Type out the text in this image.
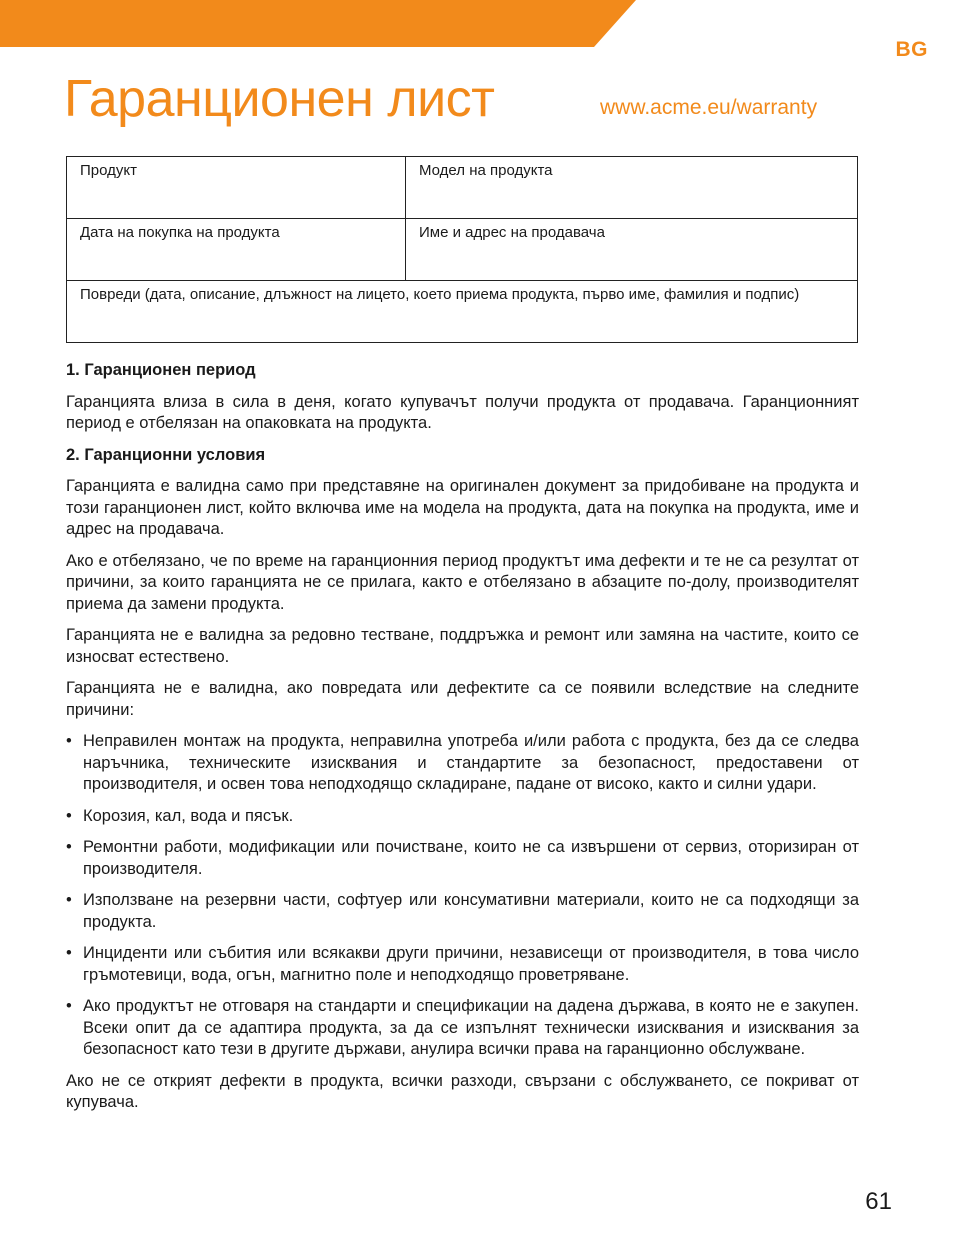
BG
Гаранционен лист	www.acme.eu/warranty
Продукт	Модел на продукта
Дата на покупка на продукта	Име и адрес на продавача
Повреди (дата, описание, длъжност на лицето, което приема продукта, първо име, фамилия и подпис)	
1. Гаранционен период

Гаранцията влиза в сила в деня, когато купувачът получи продукта от продавача. Гаранционният период е отбелязан на опаковката на продукта.

2. Гаранционни условия

Гаранцията е валидна само при представяне на оригинален документ за придобиване на продукта и този гаранционен лист, който включва име на модела на продукта, дата на покупка на продукта, име и адрес на продавача.

Ако е отбелязано, че по време на гаранционния период продуктът има дефекти и те не са резултат от причини, за които гаранцията не се прилага, както е отбелязано в абзаците по-долу, производителят приема да замени продукта.

Гаранцията не е валидна за редовно тестване, поддръжка и ремонт или замяна на частите, които се износват естествено.

Гаранцията не е валидна, ако повредата или дефектите са се появили вследствие на следните причини:

• Неправилен монтаж на продукта, неправилна употреба и/или работа с продукта, без да се следва наръчника, техническите изисквания и стандартите за безопасност, предоставени от производителя, и освен това неподходящо складиране, падане от високо, както и силни удари.
• Корозия, кал, вода и пясък.
• Ремонтни работи, модификации или почистване, които не са извършени от сервиз, оторизиран от производителя.
• Използване на резервни части, софтуер или консумативни материали, които не са подходящи за продукта.
• Инциденти или събития или всякакви други причини, независещи от производителя, в това число гръмотевици, вода, огън, магнитно поле и неподходящо проветряване.
• Ако продуктът не отговаря на стандарти и спецификации на дадена държава, в която не е закупен. Всеки опит да се адаптира продукта, за да се изпълнят технически изисквания и изисквания за безопасност като тези в другите държави, анулира всички права на гаранционно обслужване.

Ако не се открият дефекти в продукта, всички разходи, свързани с обслужването, се покриват от купувача.

61
